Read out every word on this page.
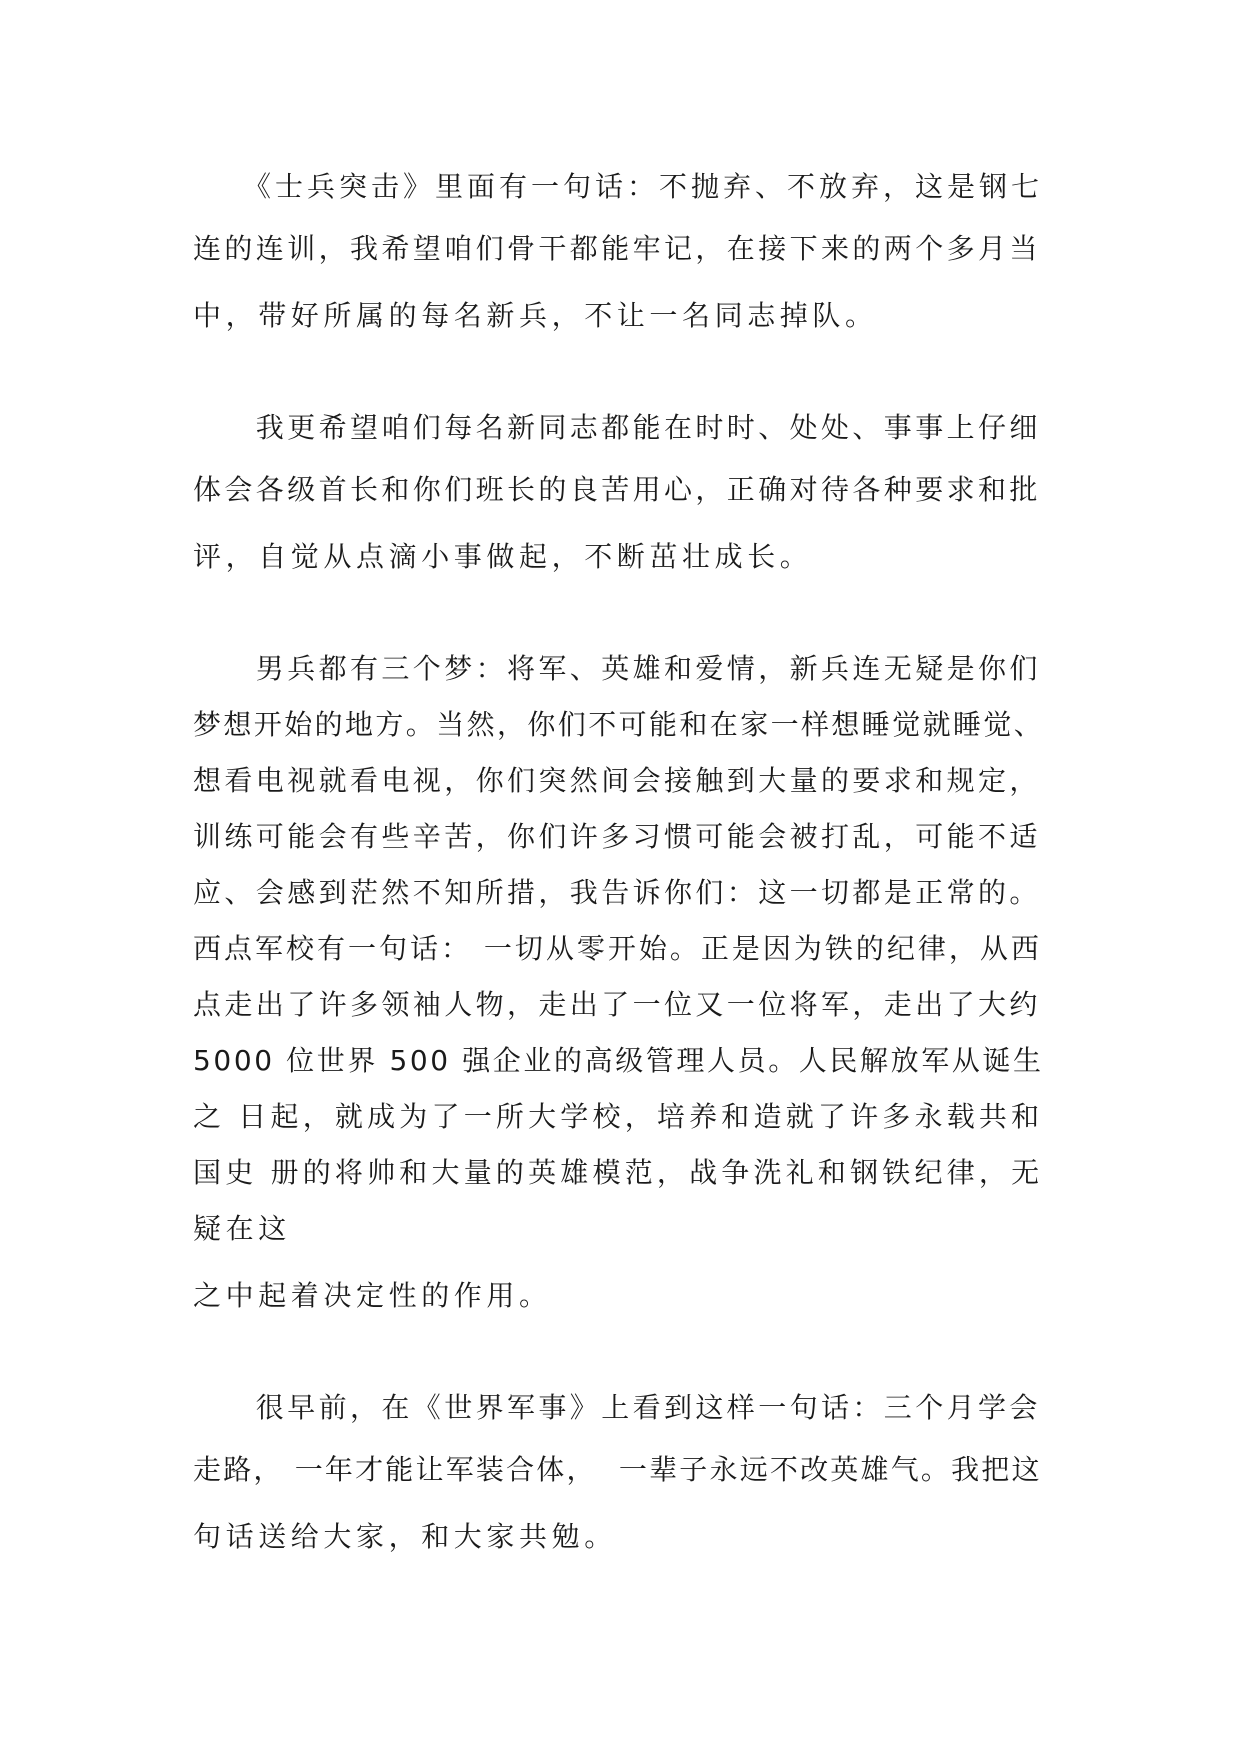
　　《士兵突击》里面有一句话：不抛弃、不放弃，这是钢七
连的连训，我希望咱们骨干都能牢记，在接下来的两个多月当
中，带好所属的每名新兵，不让一名同志掉队。
　　我更希望咱们每名新同志都能在时时、处处、事事上仔细
体会各级首长和你们班长的良苦用心，正确对待各种要求和批
评，自觉从点滴小事做起，不断茁壮成长。
　　男兵都有三个梦：将军、英雄和爱情，新兵连无疑是你们
梦想开始的地方。当然，你们不可能和在家一样想睡觉就睡觉、
想看电视就看电视，你们突然间会接触到大量的要求和规定，
训练可能会有些辛苦，你们许多习惯可能会被打乱，可能不适
应、会感到茫然不知所措，我告诉你们：这一切都是正常的。
西点军校有一句话： 一切从零开始。正是因为铁的纪律，从西
点走出了许多领袖人物，走出了一位又一位将军，走出了大约
5000 位世界 500 强企业的高级管理人员。人民解放军从诞生
之 日起，就成为了一所大学校，培养和造就了许多永载共和
国史 册的将帅和大量的英雄模范，战争洗礼和钢铁纪律，无
疑在这
之中起着决定性的作用。
　　很早前，在《世界军事》上看到这样一句话：三个月学会
走路， 一年才能让军装合体，  一辈子永远不改英雄气。我把这
句话送给大家，和大家共勉。
